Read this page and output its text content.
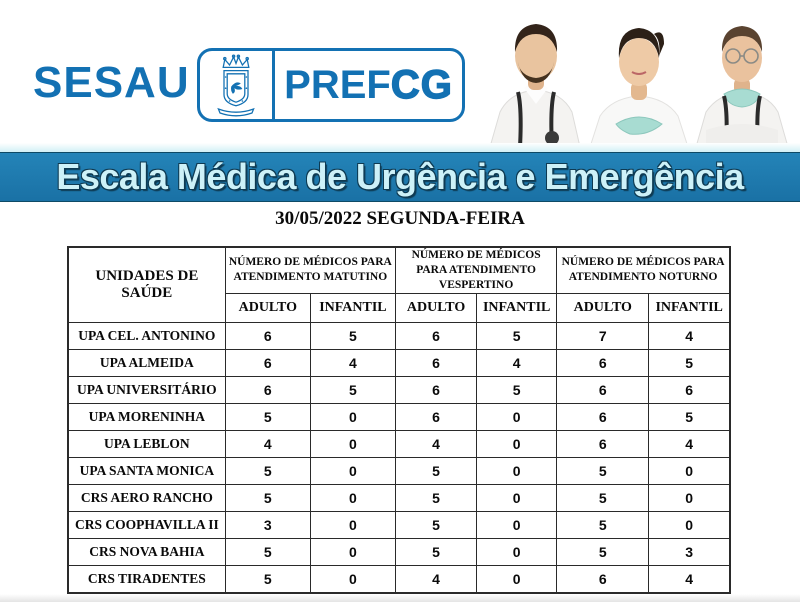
SESAU PREF CG
Escala Médica de Urgência e Emergência
30/05/2022 SEGUNDA-FEIRA
UNIDADES DE SAÚDE	NÚMERO DE MÉDICOS PARA ATENDIMENTO MATUTINO		NÚMERO DE MÉDICOS PARA ATENDIMENTO VESPERTINO		NÚMERO DE MÉDICOS PARA ATENDIMENTO NOTURNO	
	ADULTO	INFANTIL	ADULTO	INFANTIL	ADULTO	INFANTIL
UPA CEL. ANTONINO	6	5	6	5	7	4
UPA ALMEIDA	6	4	6	4	6	5
UPA UNIVERSITÁRIO	6	5	6	5	6	6
UPA MORENINHA	5	0	6	0	6	5
UPA LEBLON	4	0	4	0	6	4
UPA SANTA MONICA	5	0	5	0	5	0
CRS AERO RANCHO	5	0	5	0	5	0
CRS COOPHAVILLA II	3	0	5	0	5	0
CRS NOVA BAHIA	5	0	5	0	5	3
CRS TIRADENTES	5	0	4	0	6	4
